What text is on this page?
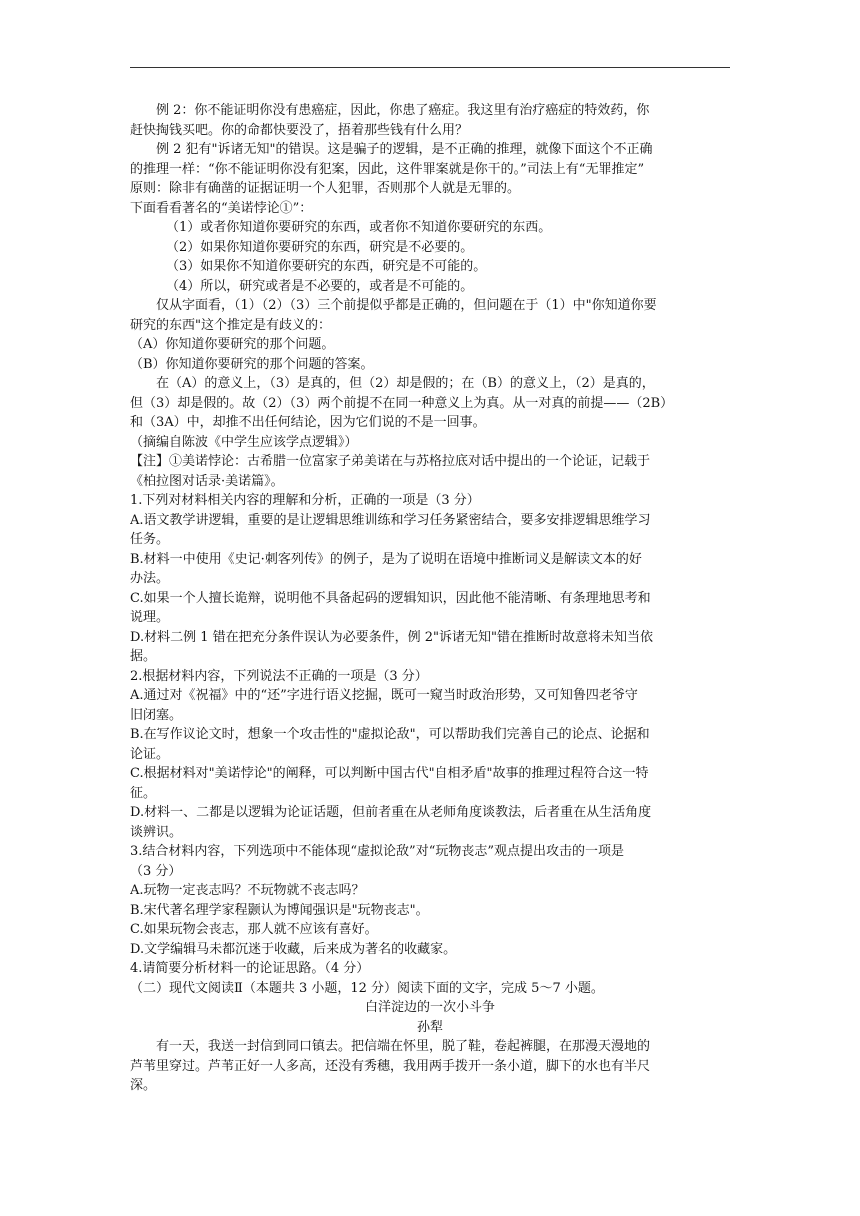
例 2：你不能证明你没有患癌症，因此，你患了癌症。我这里有治疗癌症的特效药，你
赶快掏钱买吧。你的命都快要没了，捂着那些钱有什么用？
例 2 犯有"诉诸无知"的错误。这是骗子的逻辑，是不正确的推理，就像下面这个不正确
的推理一样：“你不能证明你没有犯案，因此，这件罪案就是你干的。”司法上有“无罪推定”
原则：除非有确凿的证据证明一个人犯罪，否则那个人就是无罪的。
下面看看著名的“美诺悖论①”：
（1）或者你知道你要研究的东西，或者你不知道你要研究的东西。
（2）如果你知道你要研究的东西，研究是不必要的。
（3）如果你不知道你要研究的东西，研究是不可能的。
（4）所以，研究或者是不必要的，或者是不可能的。
仅从字面看，（1）（2）（3）三个前提似乎都是正确的，但问题在于（1）中"你知道你要
研究的东西"这个推定是有歧义的：
（A）你知道你要研究的那个问题。
（B）你知道你要研究的那个问题的答案。
在（A）的意义上，（3）是真的，但（2）却是假的；在（B）的意义上，（2）是真的，
但（3）却是假的。故（2）（3）两个前提不在同一种意义上为真。从一对真的前提——（2B）
和（3A）中，却推不出任何结论，因为它们说的不是一回事。
（摘编自陈波《中学生应该学点逻辑》）
【注】①美诺悖论：古希腊一位富家子弟美诺在与苏格拉底对话中提出的一个论证，记载于
《柏拉图对话录·美诺篇》。
1.下列对材料相关内容的理解和分析，正确的一项是（3 分）
A.语文教学讲逻辑，重要的是让逻辑思维训练和学习任务紧密结合，要多安排逻辑思维学习
任务。
B.材料一中使用《史记·刺客列传》的例子，是为了说明在语境中推断词义是解读文本的好
办法。
C.如果一个人擅长诡辩，说明他不具备起码的逻辑知识，因此他不能清晰、有条理地思考和
说理。
D.材料二例 1 错在把充分条件误认为必要条件，例 2"诉诸无知"错在推断时故意将未知当依
据。
2.根据材料内容，下列说法不正确的一项是（3 分）
A.通过对《祝福》中的“还”字进行语义挖掘，既可一窥当时政治形势，又可知鲁四老爷守
旧闭塞。
B.在写作议论文时，想象一个攻击性的"虚拟论敌"，可以帮助我们完善自己的论点、论据和
论证。
C.根据材料对"美诺悖论"的阐释，可以判断中国古代"自相矛盾"故事的推理过程符合这一特
征。
D.材料一、二都是以逻辑为论证话题，但前者重在从老师角度谈教法，后者重在从生活角度
谈辨识。
3.结合材料内容，下列选项中不能体现“虚拟论敌”对“玩物丧志”观点提出攻击的一项是
（3 分）
A.玩物一定丧志吗？不玩物就不丧志吗？
B.宋代著名理学家程颢认为博闻强识是"玩物丧志"。
C.如果玩物会丧志，那人就不应该有喜好。
D.文学编辑马未都沉迷于收藏，后来成为著名的收藏家。
4.请简要分析材料一的论证思路。（4 分）
（二）现代文阅读Ⅱ（本题共 3 小题，12 分）阅读下面的文字，完成 5～7 小题。
白洋淀边的一次小斗争
孙犁
有一天，我送一封信到同口镇去。把信端在怀里，脱了鞋，卷起裤腿，在那漫天漫地的
芦苇里穿过。芦苇正好一人多高，还没有秀穗，我用两手拨开一条小道，脚下的水也有半尺
深。
